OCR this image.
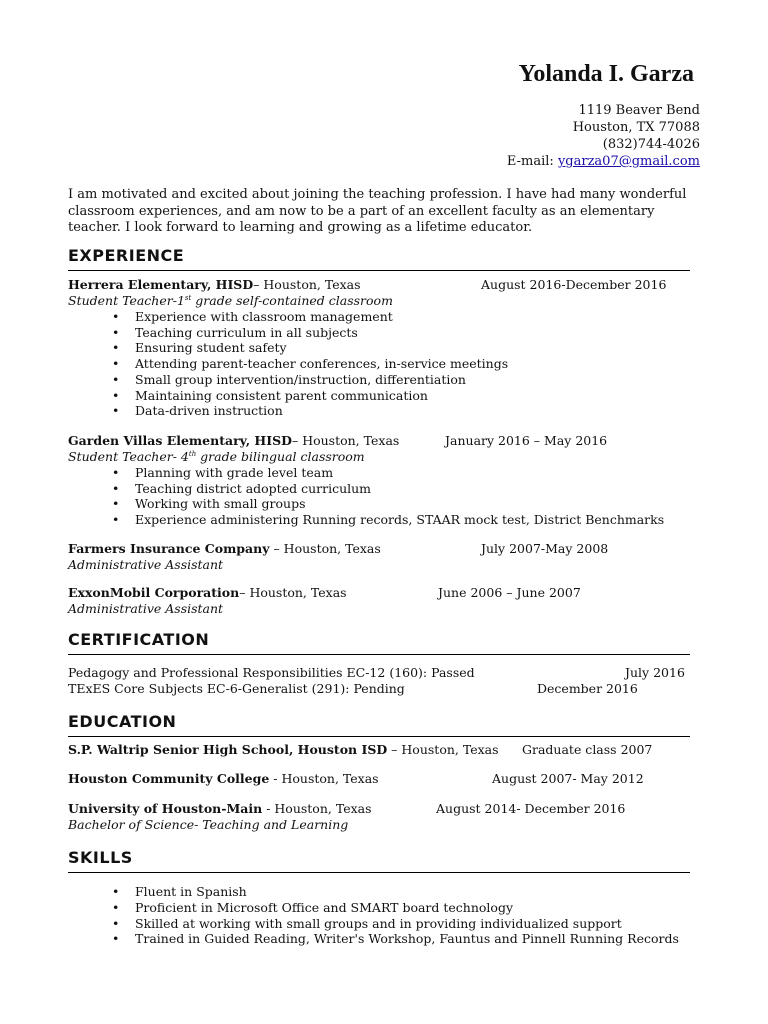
Yolanda I. Garza
1119 Beaver Bend
Houston, TX 77088
(832)744-4026
E-mail: ygarza07@gmail.com
I am motivated and excited about joining the teaching profession. I have had many wonderful classroom experiences, and am now to be a part of an excellent faculty as an elementary teacher. I look forward to learning and growing as a lifetime educator.
EXPERIENCE
Herrera Elementary, HISD– Houston, Texas	August 2016-December 2016
Student Teacher-1st grade self-contained classroom
• Experience with classroom management
• Teaching curriculum in all subjects
• Ensuring student safety
• Attending parent-teacher conferences, in-service meetings
• Small group intervention/instruction, differentiation
• Maintaining consistent parent communication
• Data-driven instruction
Garden Villas Elementary, HISD– Houston, Texas	January 2016 – May 2016
Student Teacher- 4th grade bilingual classroom
• Planning with grade level team
• Teaching district adopted curriculum
• Working with small groups
• Experience administering Running records, STAAR mock test, District Benchmarks
Farmers Insurance Company – Houston, Texas	July 2007-May 2008
Administrative Assistant
ExxonMobil Corporation– Houston, Texas	June 2006 – June 2007
Administrative Assistant
CERTIFICATION
Pedagogy and Professional Responsibilities EC-12 (160): Passed	July 2016
TExES Core Subjects EC-6-Generalist (291): Pending	December 2016
EDUCATION
S.P. Waltrip Senior High School, Houston ISD – Houston, Texas Graduate class 2007
Houston Community College - Houston, Texas	August 2007- May 2012
University of Houston-Main - Houston, Texas	August 2014- December 2016
Bachelor of Science- Teaching and Learning
SKILLS
• Fluent in Spanish
• Proficient in Microsoft Office and SMART board technology
• Skilled at working with small groups and in providing individualized support
• Trained in Guided Reading, Writer's Workshop, Fauntus and Pinnell Running Records
